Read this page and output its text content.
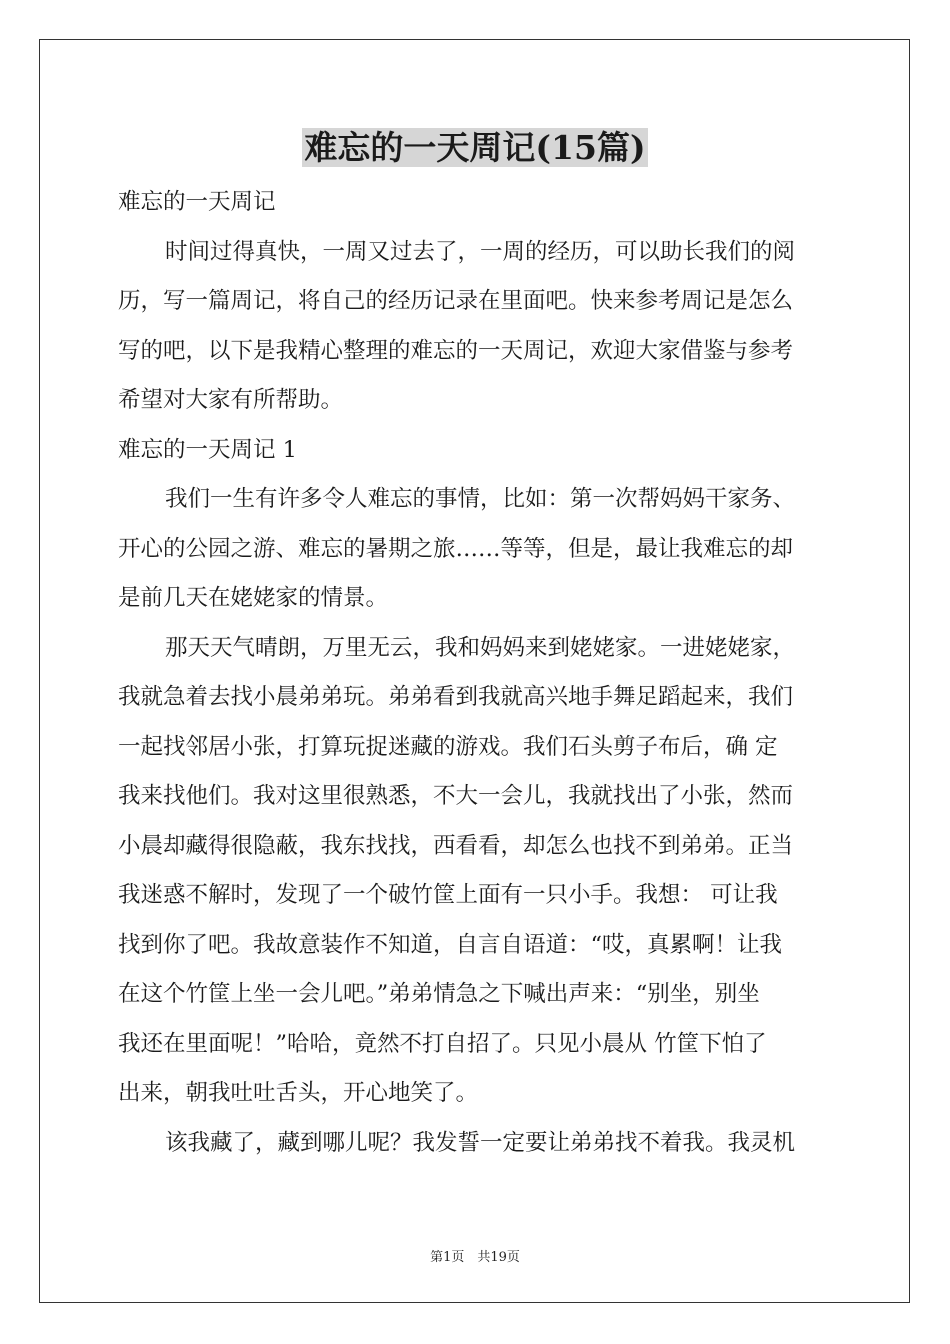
难忘的一天周记(15篇)
难忘的一天周记
时间过得真快，一周又过去了，一周的经历，可以助长我们的阅
历，写一篇周记，将自己的经历记录在里面吧。快来参考周记是怎么
写的吧，以下是我精心整理的难忘的一天周记，欢迎大家借鉴与参考
希望对大家有所帮助。
难忘的一天周记 1
我们一生有许多令人难忘的事情，比如：第一次帮妈妈干家务、
开心的公园之游、难忘的暑期之旅……等等，但是，最让我难忘的却
是前几天在姥姥家的情景。
那天天气晴朗，万里无云，我和妈妈来到姥姥家。一进姥姥家，
我就急着去找小晨弟弟玩。弟弟看到我就高兴地手舞足蹈起来，我们
一起找邻居小张，打算玩捉迷藏的游戏。我们石头剪子布后，确 定
我来找他们。我对这里很熟悉，不大一会儿，我就找出了小张，然而
小晨却藏得很隐蔽，我东找找，西看看，却怎么也找不到弟弟。正当
我迷惑不解时，发现了一个破竹筐上面有一只小手。我想： 可让我
找到你了吧。我故意装作不知道，自言自语道：“哎，真累啊！让我
在这个竹筐上坐一会儿吧。”弟弟情急之下喊出声来：“别坐，别坐
我还在里面呢！”哈哈，竟然不打自招了。只见小晨从 竹筐下怕了
出来，朝我吐吐舌头，开心地笑了。
该我藏了，藏到哪儿呢？我发誓一定要让弟弟找不着我。我灵机
第1页　共19页
